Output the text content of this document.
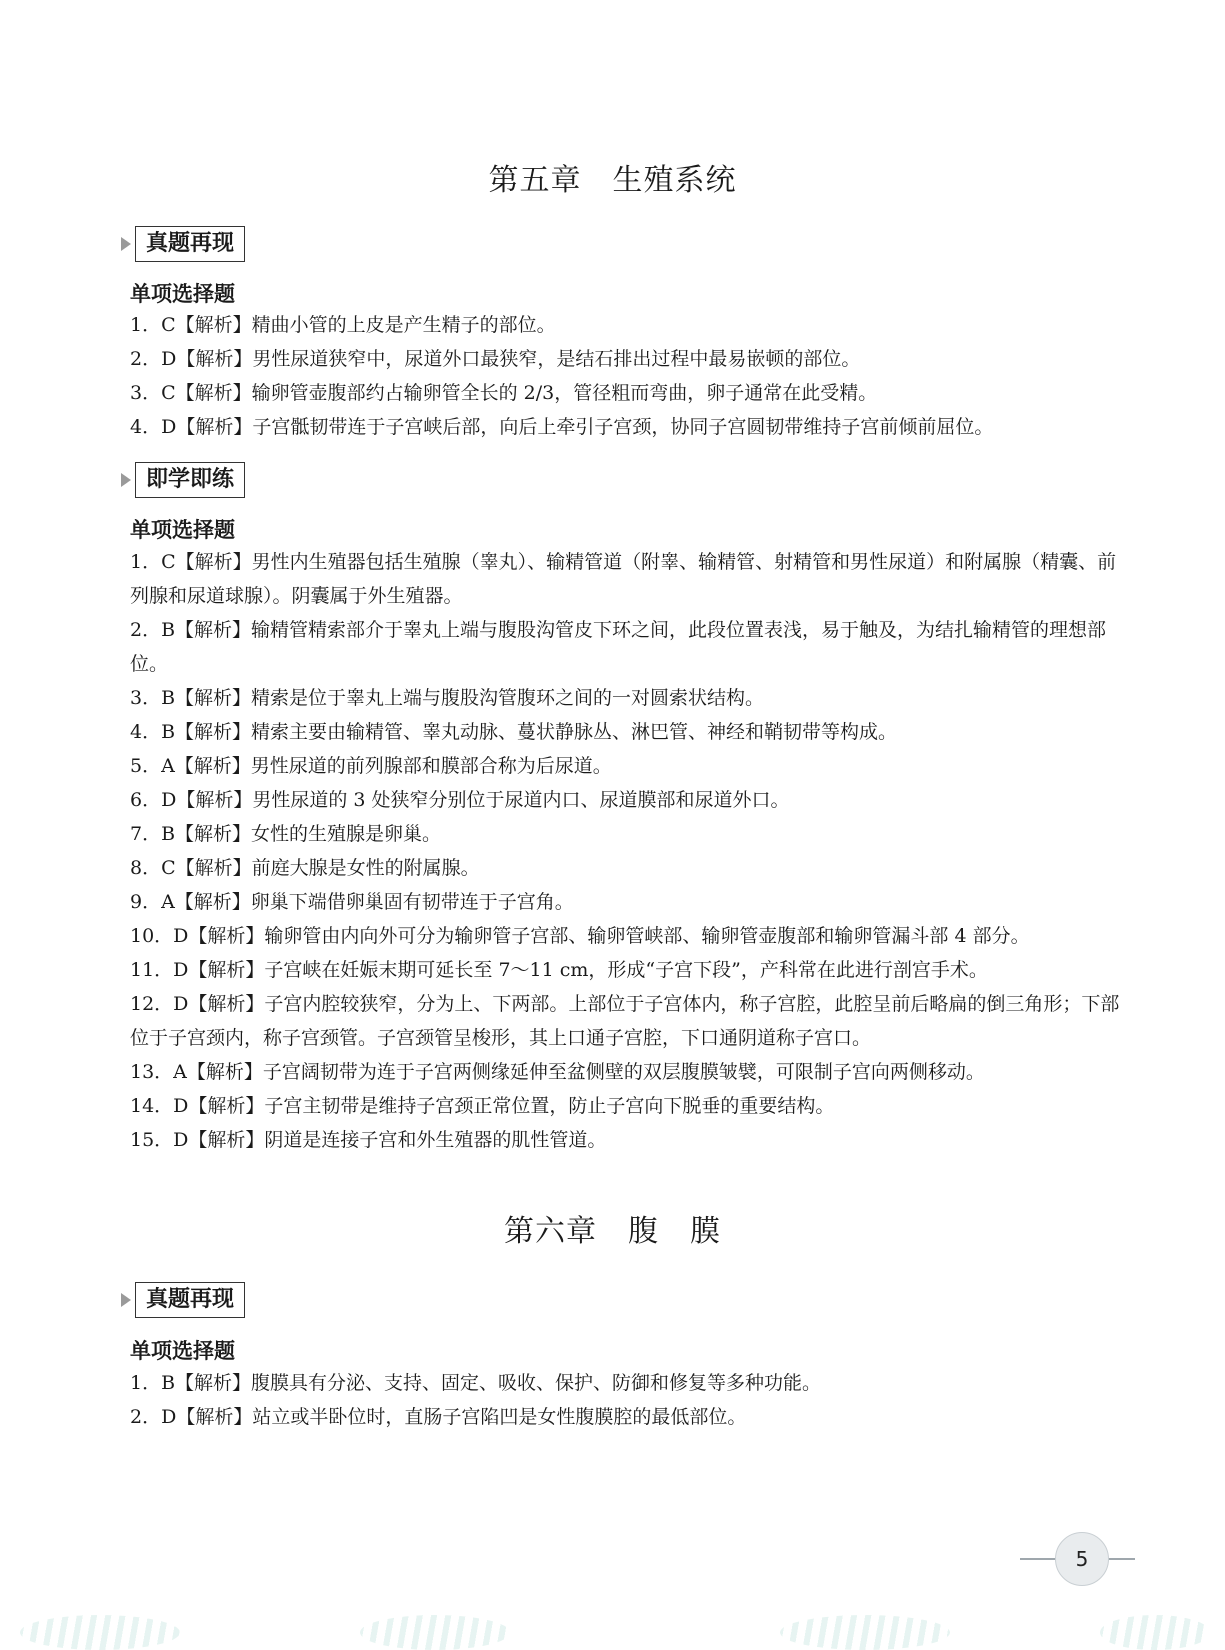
第五章　生殖系统
真题再现
单项选择题

1．C【解析】精曲小管的上皮是产生精子的部位。

2．D【解析】男性尿道狭窄中，尿道外口最狭窄，是结石排出过程中最易嵌顿的部位。

3．C【解析】输卵管壶腹部约占输卵管全长的 2/3，管径粗而弯曲，卵子通常在此受精。

4．D【解析】子宫骶韧带连于子宫峡后部，向后上牵引子宫颈，协同子宫圆韧带维持子宫前倾前屈位。

即学即练
单项选择题

1．C【解析】男性内生殖器包括生殖腺（睾丸）、输精管道（附睾、输精管、射精管和男性尿道）和附属腺（精囊、前列腺和尿道球腺）。阴囊属于外生殖器。

2．B【解析】输精管精索部介于睾丸上端与腹股沟管皮下环之间，此段位置表浅，易于触及，为结扎输精管的理想部位。

3．B【解析】精索是位于睾丸上端与腹股沟管腹环之间的一对圆索状结构。

4．B【解析】精索主要由输精管、睾丸动脉、蔓状静脉丛、淋巴管、神经和鞘韧带等构成。

5．A【解析】男性尿道的前列腺部和膜部合称为后尿道。

6．D【解析】男性尿道的 3 处狭窄分别位于尿道内口、尿道膜部和尿道外口。

7．B【解析】女性的生殖腺是卵巢。

8．C【解析】前庭大腺是女性的附属腺。

9．A【解析】卵巢下端借卵巢固有韧带连于子宫角。

10．D【解析】输卵管由内向外可分为输卵管子宫部、输卵管峡部、输卵管壶腹部和输卵管漏斗部 4 部分。

11．D【解析】子宫峡在妊娠末期可延长至 7～11 cm，形成“子宫下段”，产科常在此进行剖宫手术。

12．D【解析】子宫内腔较狭窄，分为上、下两部。上部位于子宫体内，称子宫腔，此腔呈前后略扁的倒三角形；下部位于子宫颈内，称子宫颈管。子宫颈管呈梭形，其上口通子宫腔，下口通阴道称子宫口。

13．A【解析】子宫阔韧带为连于子宫两侧缘延伸至盆侧壁的双层腹膜皱襞，可限制子宫向两侧移动。

14．D【解析】子宫主韧带是维持子宫颈正常位置，防止子宫向下脱垂的重要结构。

15．D【解析】阴道是连接子宫和外生殖器的肌性管道。

第六章　腹　膜
真题再现
单项选择题

1．B【解析】腹膜具有分泌、支持、固定、吸收、保护、防御和修复等多种功能。

2．D【解析】站立或半卧位时，直肠子宫陷凹是女性腹膜腔的最低部位。

5
